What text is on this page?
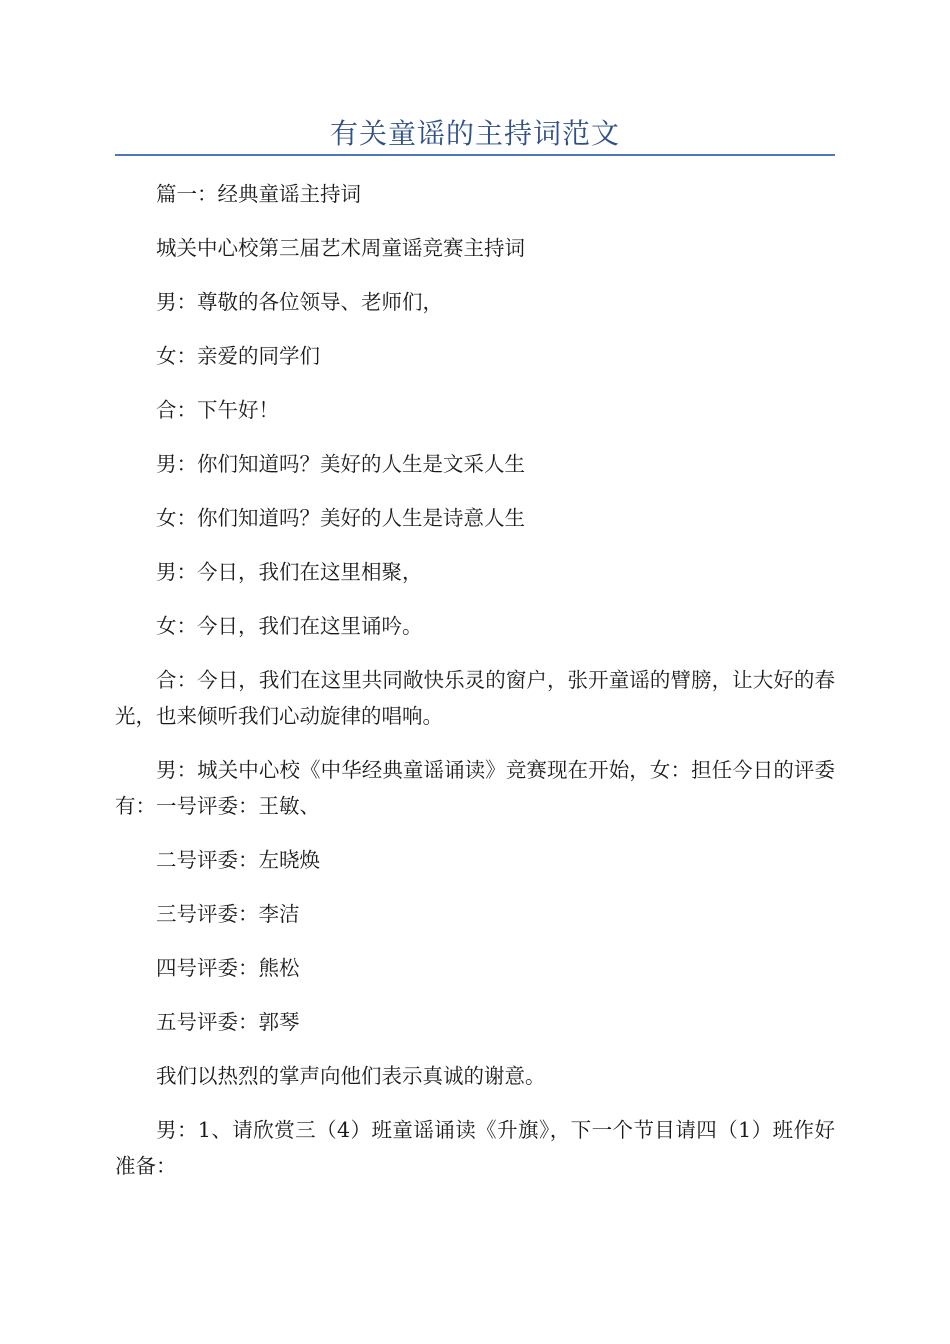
有关童谣的主持词范文

篇一：经典童谣主持词

城关中心校第三届艺术周童谣竞赛主持词

男：尊敬的各位领导、老师们，

女：亲爱的同学们

合：下午好！

男：你们知道吗？美好的人生是文采人生

女：你们知道吗？美好的人生是诗意人生

男：今日，我们在这里相聚，

女：今日，我们在这里诵吟。

合：今日，我们在这里共同敞快乐灵的窗户，张开童谣的臂膀，让大好的春光，也来倾听我们心动旋律的唱响。

男：城关中心校《中华经典童谣诵读》竞赛现在开始，女：担任今日的评委有：一号评委：王敏、

二号评委：左晓焕

三号评委：李洁

四号评委：熊松

五号评委：郭琴

我们以热烈的掌声向他们表示真诚的谢意。

男：1、请欣赏三（4）班童谣诵读《升旗》，下一个节目请四（1）班作好准备：
